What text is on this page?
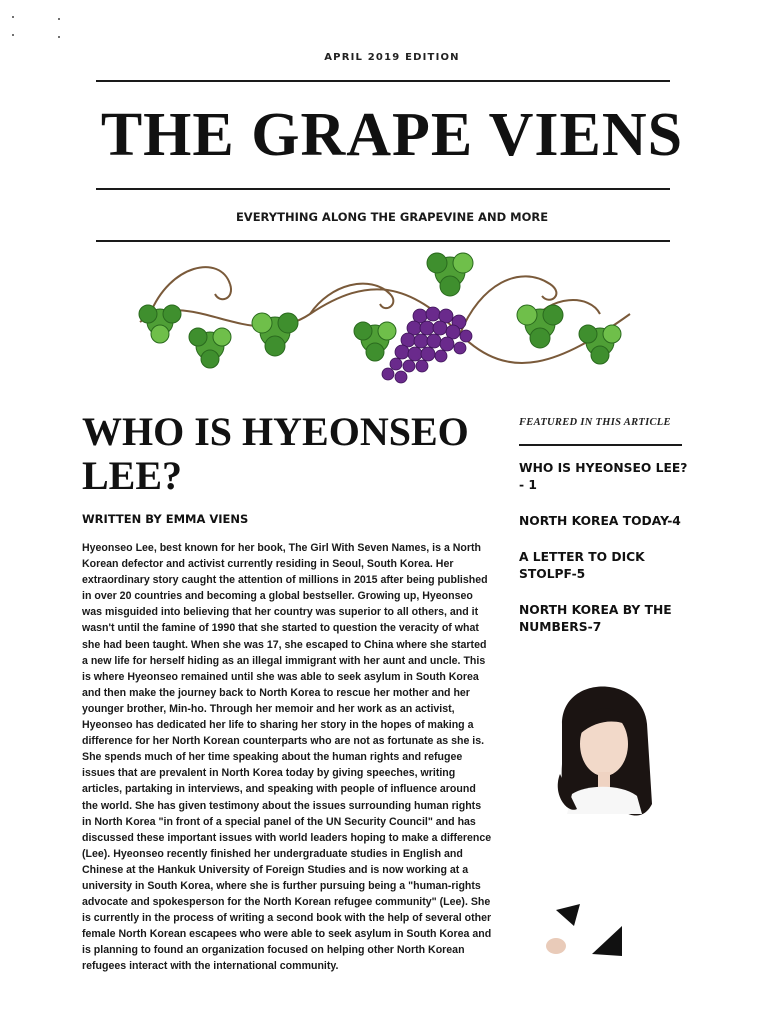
APRIL 2019 EDITION
THE GRAPE VIENS
EVERYTHING ALONG THE GRAPEVINE AND MORE
WHO IS HYEONSEO LEE?
WRITTEN BY EMMA VIENS

Hyeonseo Lee, best known for her book, The Girl With Seven Names, is a North Korean defector and activist currently residing in Seoul, South Korea. Her extraordinary story caught the attention of millions in 2015 after being published in over 20 countries and becoming a global bestseller. Growing up, Hyeonseo was misguided into believing that her country was superior to all others, and it wasn't until the famine of 1990 that she started to question the veracity of what she had been taught. When she was 17, she escaped to China where she started a new life for herself hiding as an illegal immigrant with her aunt and uncle. This is where Hyeonseo remained until she was able to seek asylum in South Korea and then make the journey back to North Korea to rescue her mother and her younger brother, Min-ho. Through her memoir and her work as an activist, Hyeonseo has dedicated her life to sharing her story in the hopes of making a difference for her North Korean counterparts who are not as fortunate as she is. She spends much of her time speaking about the human rights and refugee issues that are prevalent in North Korea today by giving speeches, writing articles, partaking in interviews, and speaking with people of influence around the world. She has given testimony about the issues surrounding human rights in North Korea "in front of a special panel of the UN Security Council" and has discussed these important issues with world leaders hoping to make a difference (Lee). Hyeonseo recently finished her undergraduate studies in English and Chinese at the Hankuk University of Foreign Studies and is now working at a university in South Korea, where she is further pursuing being a "human-rights advocate and spokesperson for the North Korean refugee community" (Lee). She is currently in the process of writing a second book with the help of several other female North Korean escapees who were able to seek asylum in South Korea and is planning to found an organization focused on helping other North Korean refugees interact with the international community.

FEATURED IN THIS ARTICLE
WHO IS HYEONSEO LEE? - 1
NORTH KOREA TODAY-4
A LETTER TO DICK STOLPF-5
NORTH KOREA BY THE NUMBERS-7
